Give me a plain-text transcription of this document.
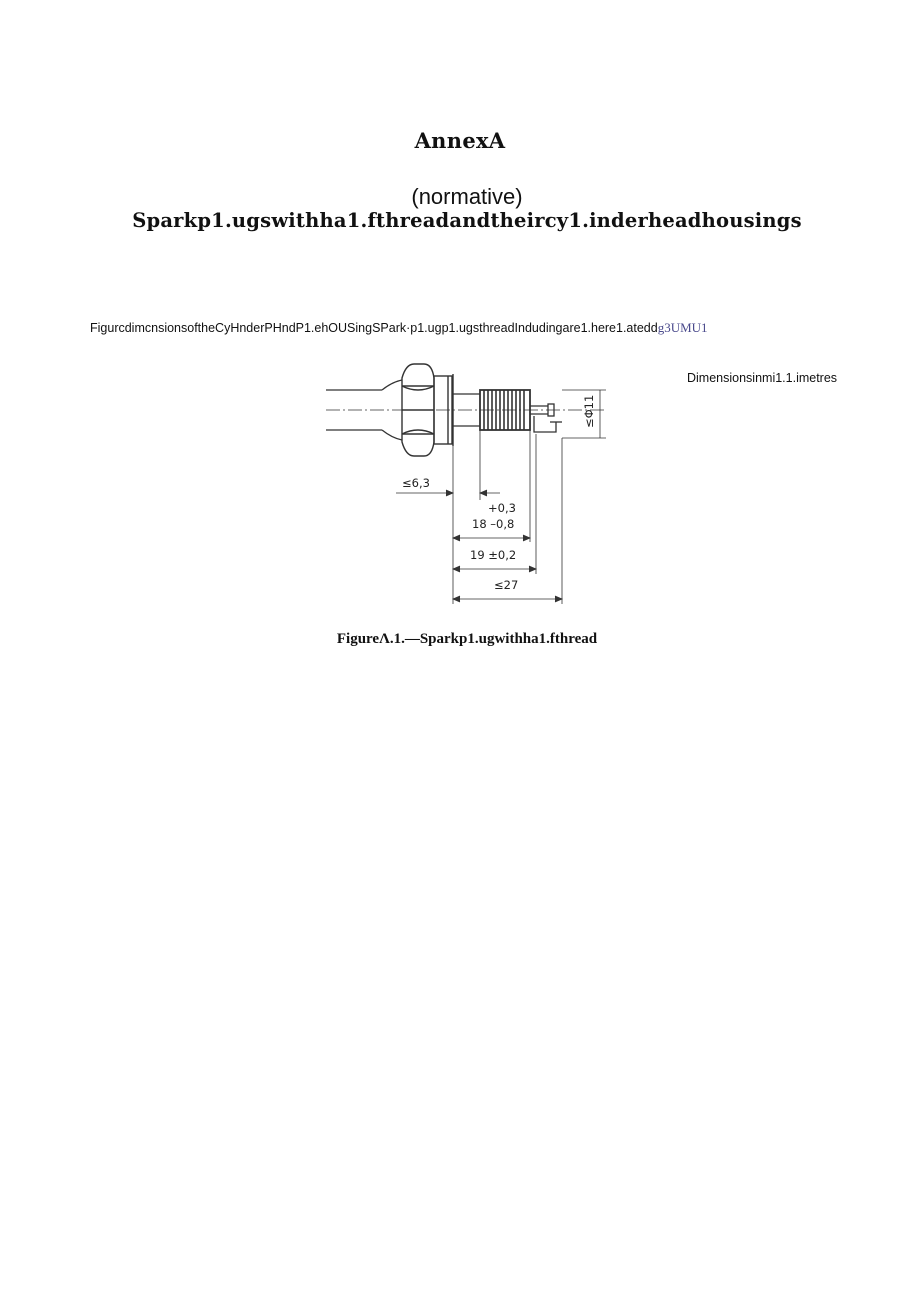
AnnexA
(normative)
Sparkp1.ugswithha1.fthreadandtheircy1.inderheadhousings
Figurcdimcnsionsofthe​CyHnderPHndP1.ehOUSingSPark·p1.ugp1.ugsthreadIndudingare1.here1.ateddg3UMU1
Dimensionsinmi1.1.imetres
≤Φ11
≤6,3
+0,3
18 –0,8
19 ±0,2
≤27
FigureΛ.1.—Sparkp1.ugwithha1.fthread
